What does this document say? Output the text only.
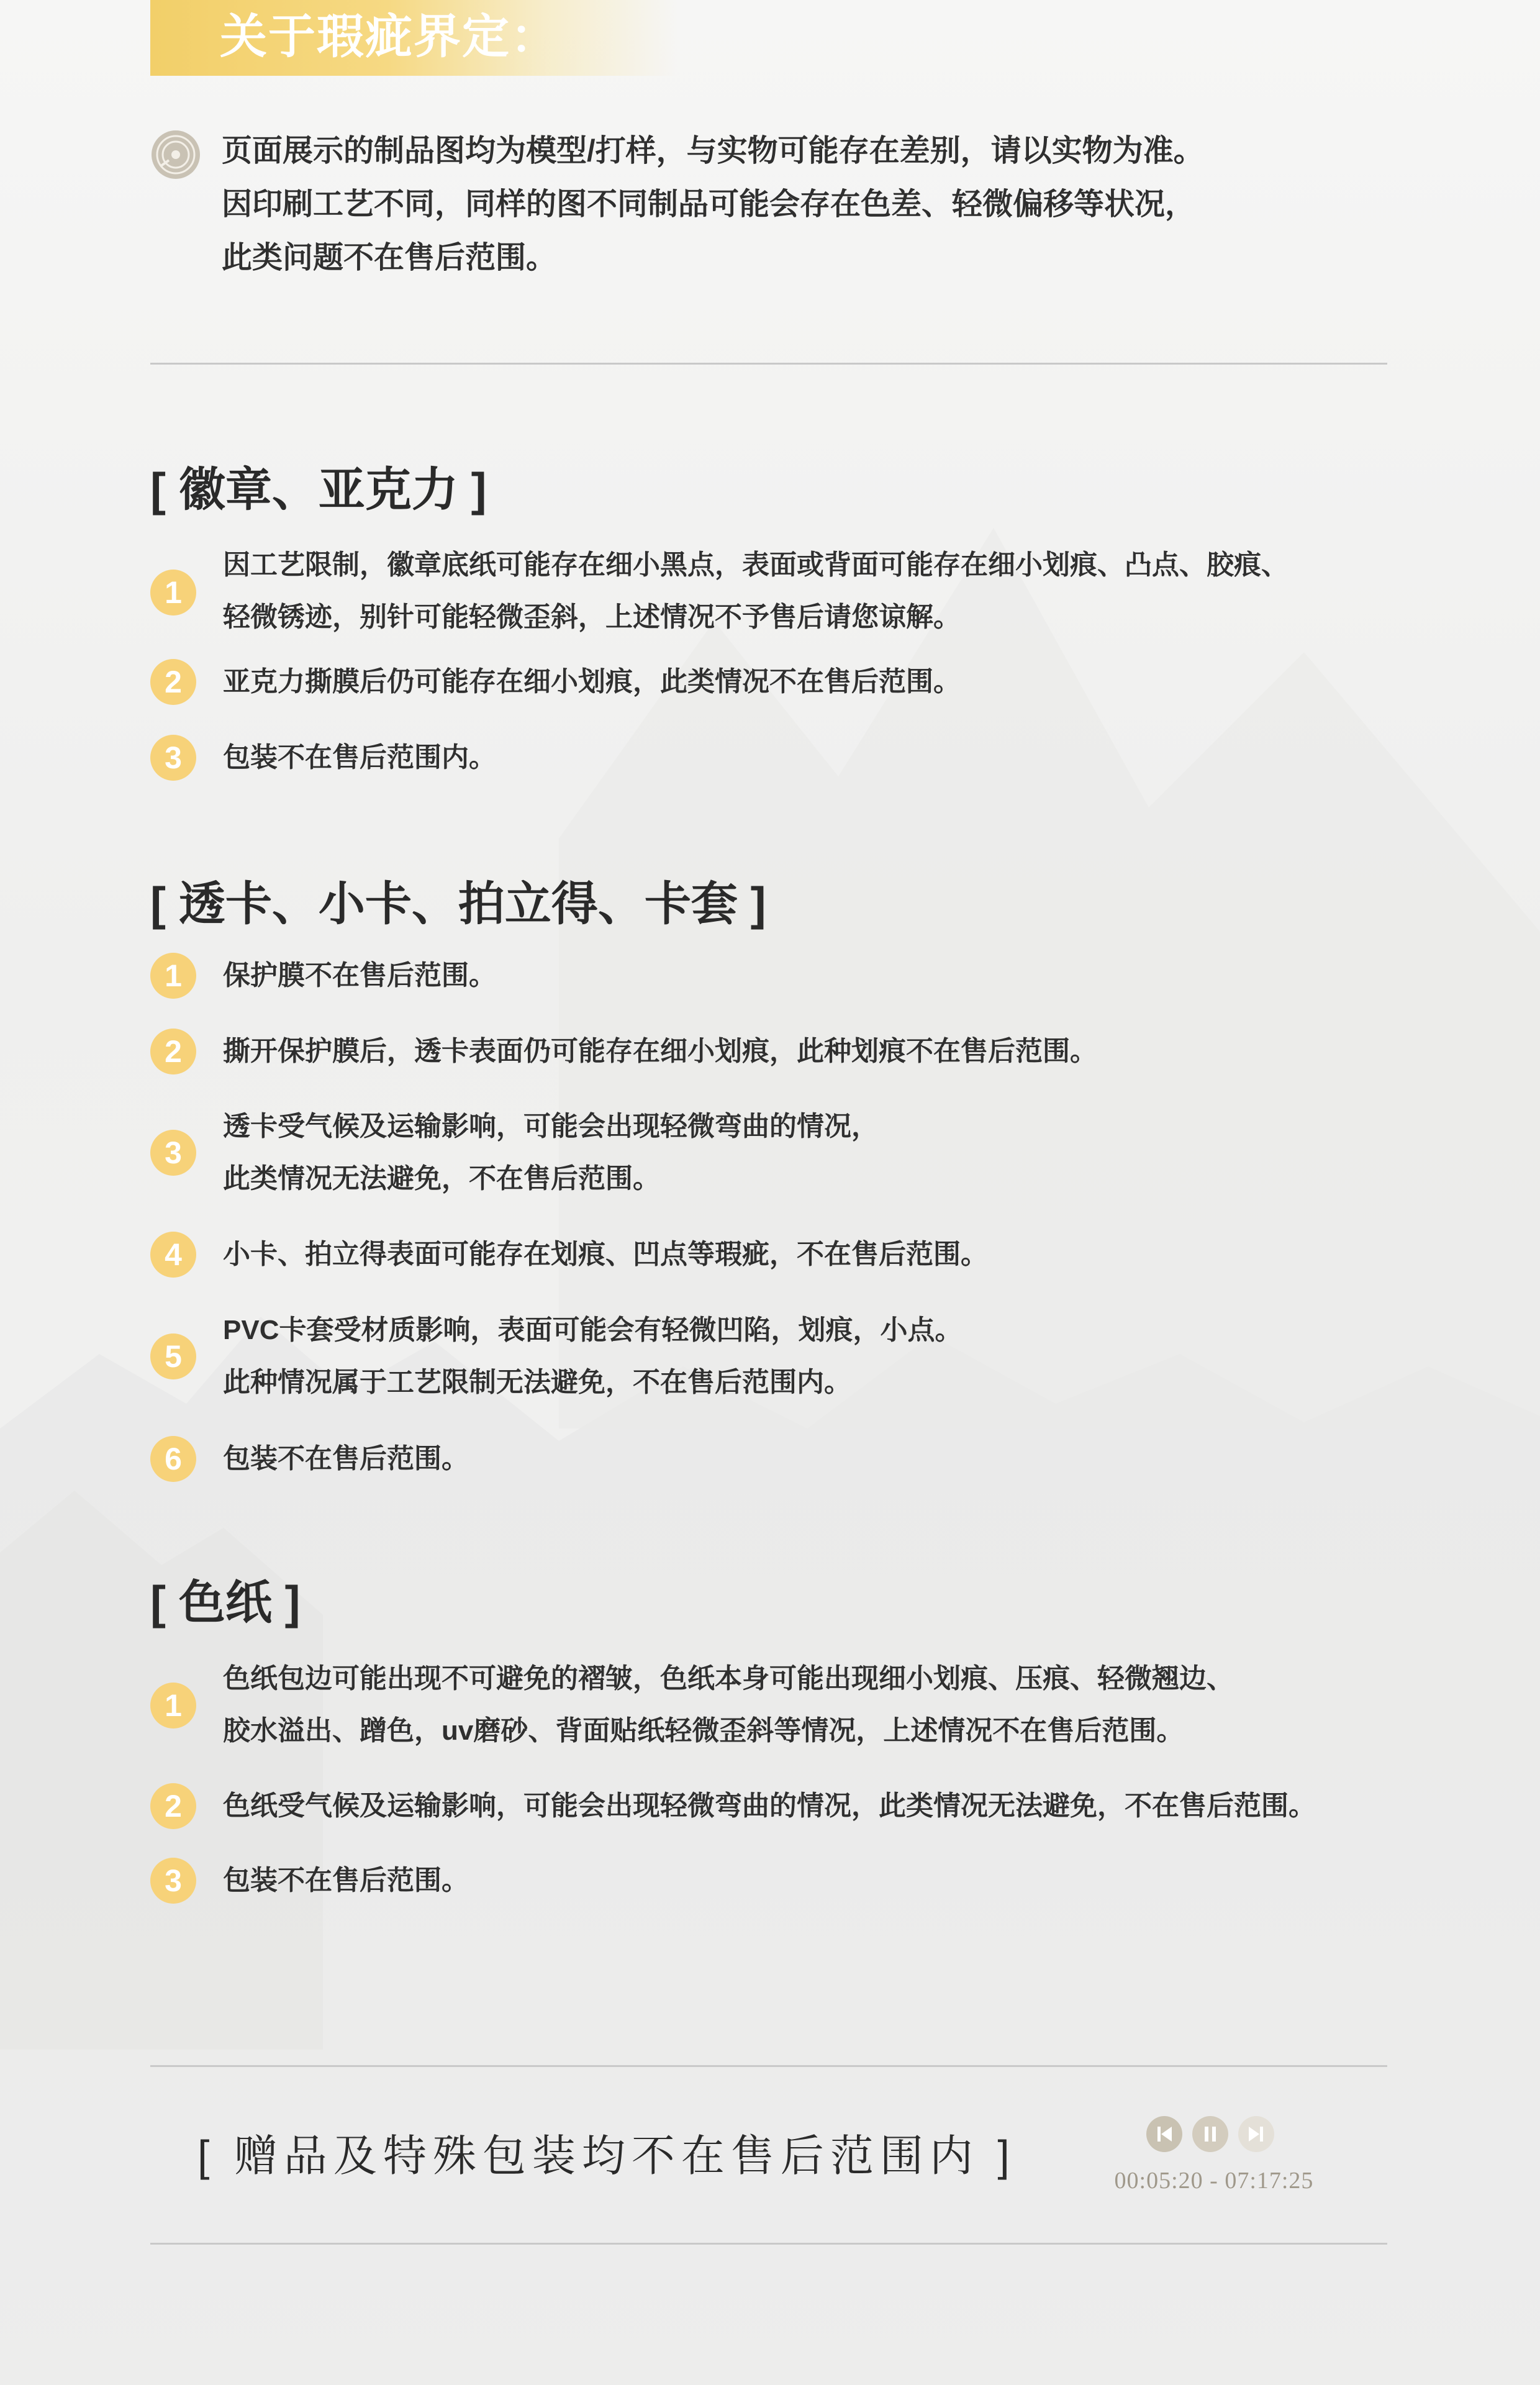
关于瑕疵界定：
页面展示的制品图均为模型/打样，与实物可能存在差别，请以实物为准。
因印刷工艺不同，同样的图不同制品可能会存在色差、轻微偏移等状况，
此类问题不在售后范围。
[ 徽章、亚克力 ]
1
因工艺限制，徽章底纸可能存在细小黑点，表面或背面可能存在细小划痕、凸点、胶痕、
轻微锈迹，别针可能轻微歪斜，上述情况不予售后请您谅解。
2	亚克力撕膜后仍可能存在细小划痕，此类情况不在售后范围。
3	包装不在售后范围内。
[ 透卡、小卡、拍立得、卡套 ]
1	保护膜不在售后范围。
2	撕开保护膜后，透卡表面仍可能存在细小划痕，此种划痕不在售后范围。
3
透卡受气候及运输影响，可能会出现轻微弯曲的情况，
此类情况无法避免，不在售后范围。
4	小卡、拍立得表面可能存在划痕、凹点等瑕疵，不在售后范围。
5
PVC卡套受材质影响，表面可能会有轻微凹陷，划痕，小点。
此种情况属于工艺限制无法避免，不在售后范围内。
6	包装不在售后范围。
[ 色纸 ]
1
色纸包边可能出现不可避免的褶皱，色纸本身可能出现细小划痕、压痕、轻微翘边、
胶水溢出、蹭色，uv磨砂、背面贴纸轻微歪斜等情况，上述情况不在售后范围。
2	色纸受气候及运输影响，可能会出现轻微弯曲的情况，此类情况无法避免，不在售后范围。
3	包装不在售后范围。
[ 赠品及特殊包装均不在售后范围内 ]
00:05:20 - 07:17:25
